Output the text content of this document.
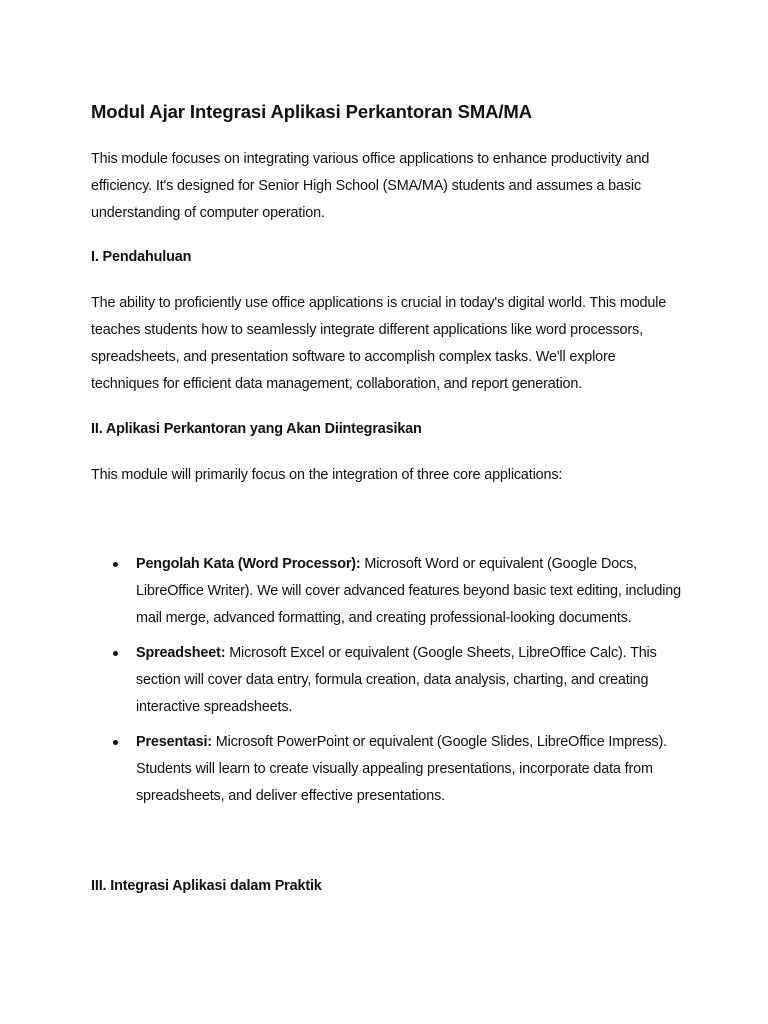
Modul Ajar Integrasi Aplikasi Perkantoran SMA/MA

This module focuses on integrating various office applications to enhance productivity and efficiency. It's designed for Senior High School (SMA/MA) students and assumes a basic understanding of computer operation.

I. Pendahuluan

The ability to proficiently use office applications is crucial in today's digital world. This module teaches students how to seamlessly integrate different applications like word processors, spreadsheets, and presentation software to accomplish complex tasks. We'll explore techniques for efficient data management, collaboration, and report generation.

II. Aplikasi Perkantoran yang Akan Diintegrasikan

This module will primarily focus on the integration of three core applications:

Pengolah Kata (Word Processor): Microsoft Word or equivalent (Google Docs, LibreOffice Writer). We will cover advanced features beyond basic text editing, including mail merge, advanced formatting, and creating professional-looking documents.
Spreadsheet: Microsoft Excel or equivalent (Google Sheets, LibreOffice Calc). This section will cover data entry, formula creation, data analysis, charting, and creating interactive spreadsheets.
Presentasi: Microsoft PowerPoint or equivalent (Google Slides, LibreOffice Impress). Students will learn to create visually appealing presentations, incorporate data from spreadsheets, and deliver effective presentations.
III. Integrasi Aplikasi dalam Praktik
